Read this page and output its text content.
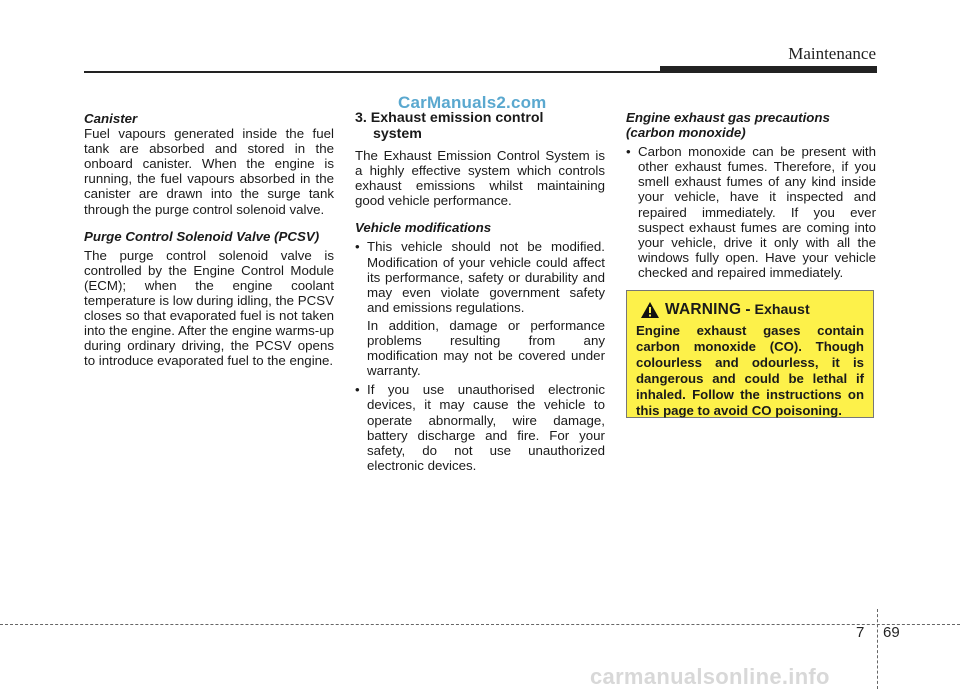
Maintenance
CarManuals2.com

Canister

Fuel vapours generated inside the fuel tank are absorbed and stored in the onboard canister. When the engine is running, the fuel vapours absorbed in the canister are drawn into the surge tank through the purge control solenoid valve.

Purge Control Solenoid Valve (PCSV)

The purge control solenoid valve is controlled by the Engine Control Module (ECM); when the engine coolant temperature is low during idling, the PCSV closes so that evaporated fuel is not taken into the engine. After the engine warms-up during ordinary driving, the PCSV opens to introduce evaporated fuel to the engine.

3. Exhaust emission control
system

The Exhaust Emission Control System is a highly effective system which controls exhaust emissions whilst maintaining good vehicle performance.

Vehicle modifications

• This vehicle should not be modified. Modification of your vehicle could affect its performance, safety or durability and may even violate government safety and emissions regulations.
In addition, damage or performance problems resulting from any modification may not be covered under warranty.
• If you use unauthorised electronic devices, it may cause the vehicle to operate abnormally, wire damage, battery discharge and fire. For your safety, do not use unauthorized electronic devices.

Engine exhaust gas precautions

(carbon monoxide)

• Carbon monoxide can be present with other exhaust fumes. Therefore, if you smell exhaust fumes of any kind inside your vehicle, have it inspected and repaired immediately. If you ever suspect exhaust fumes are coming into your vehicle, drive it only with all the windows fully open. Have your vehicle checked and repaired immediately.
WARNING - Exhaust

Engine exhaust gases contain carbon monoxide (CO). Though colourless and odourless, it is dangerous and could be lethal if inhaled. Follow the instructions on this page to avoid CO poisoning.

7 69
carmanualsonline.info
